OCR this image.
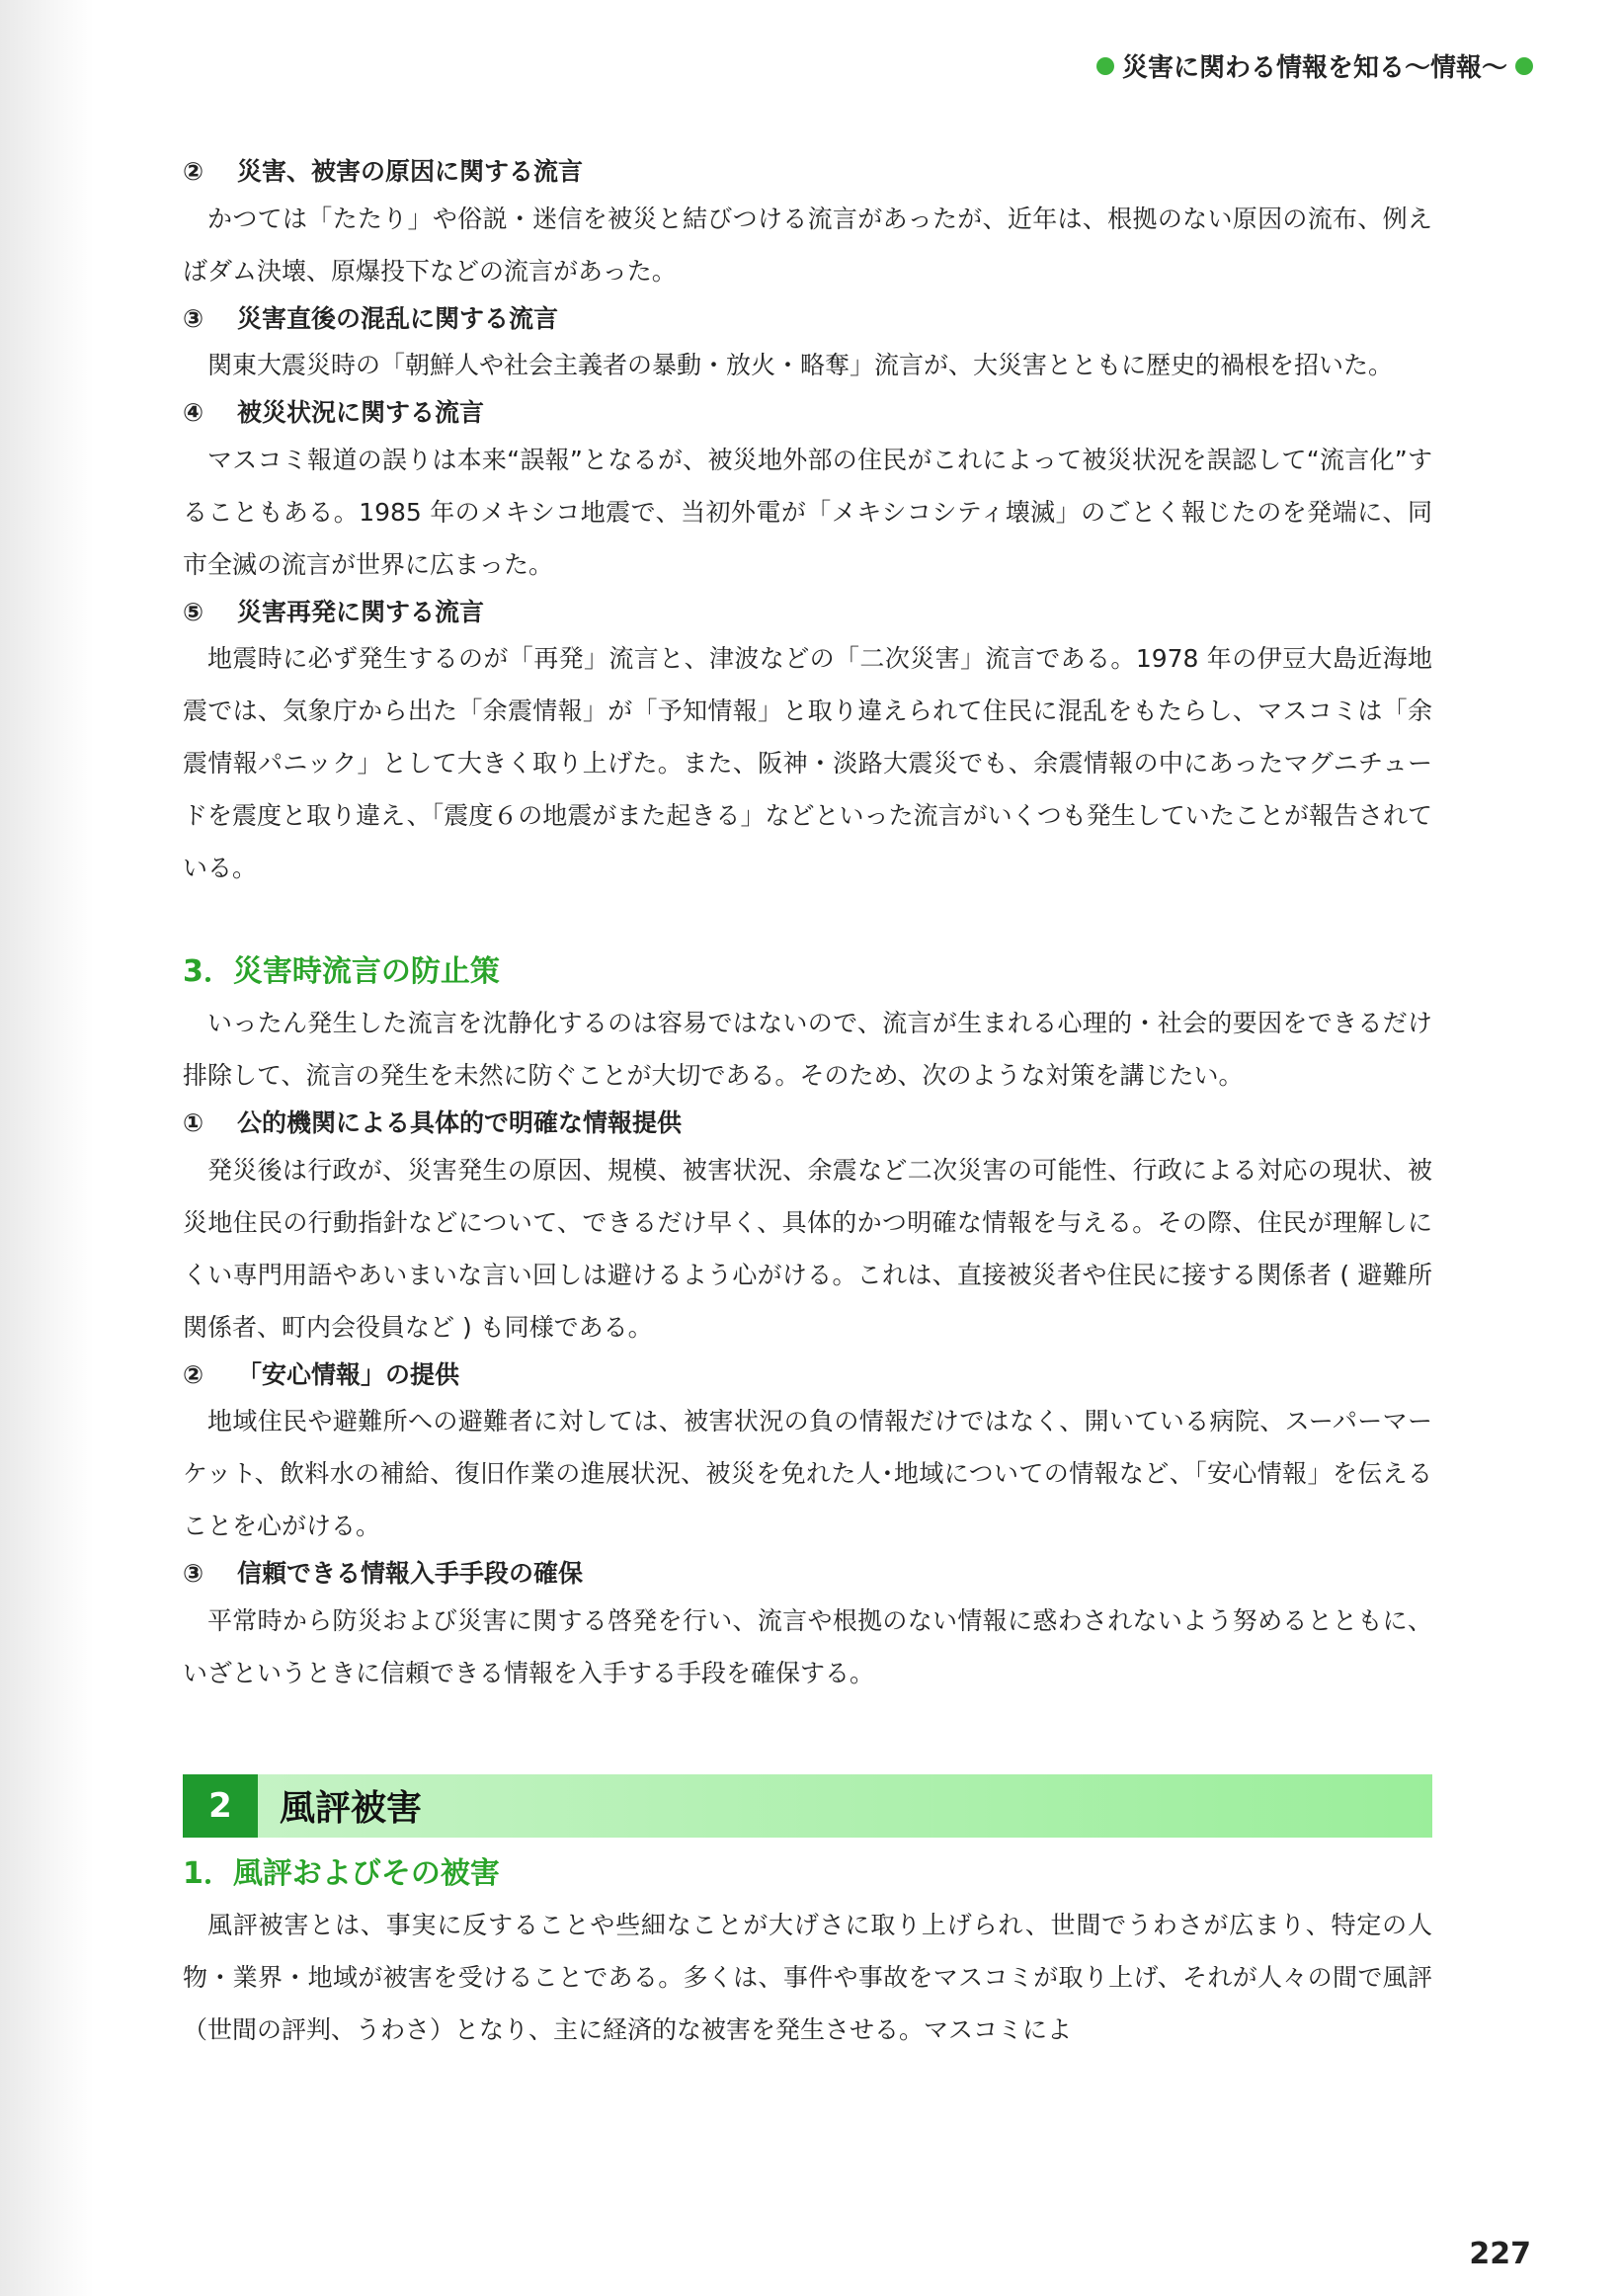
災害に関わる情報を知る〜情報〜
② 災害、被害の原因に関する流言

かつては「たたり」や俗説・迷信を被災と結びつける流言があったが、近年は、根拠のない原因の流布、例えばダム決壊、原爆投下などの流言があった。

③ 災害直後の混乱に関する流言

関東大震災時の「朝鮮人や社会主義者の暴動・放火・略奪」流言が、大災害とともに歴史的禍根を招いた。

④ 被災状況に関する流言

マスコミ報道の誤りは本来“誤報”となるが、被災地外部の住民がこれによって被災状況を誤認して“流言化”することもある。1985 年のメキシコ地震で、当初外電が「メキシコシティ壊滅」のごとく報じたのを発端に、同市全滅の流言が世界に広まった。

⑤ 災害再発に関する流言

地震時に必ず発生するのが「再発」流言と、津波などの「二次災害」流言である。1978 年の伊豆大島近海地震では、気象庁から出た「余震情報」が「予知情報」と取り違えられて住民に混乱をもたらし、マスコミは「余震情報パニック」として大きく取り上げた。また、阪神・淡路大震災でも、余震情報の中にあったマグニチュードを震度と取り違え、「震度６の地震がまた起きる」などといった流言がいくつも発生していたことが報告されている。

3．災害時流言の防止策

いったん発生した流言を沈静化するのは容易ではないので、流言が生まれる心理的・社会的要因をできるだけ排除して、流言の発生を未然に防ぐことが大切である。そのため、次のような対策を講じたい。

① 公的機関による具体的で明確な情報提供

発災後は行政が、災害発生の原因、規模、被害状況、余震など二次災害の可能性、行政による対応の現状、被災地住民の行動指針などについて、できるだけ早く、具体的かつ明確な情報を与える。その際、住民が理解しにくい専門用語やあいまいな言い回しは避けるよう心がける。これは、直接被災者や住民に接する関係者 ( 避難所関係者、町内会役員など ) も同様である。

② 「安心情報」の提供

地域住民や避難所への避難者に対しては、被害状況の負の情報だけではなく、開いている病院、スーパーマーケット、飲料水の補給、復旧作業の進展状況、被災を免れた人･地域についての情報など、「安心情報」を伝えることを心がける。

③ 信頼できる情報入手手段の確保

平常時から防災および災害に関する啓発を行い、流言や根拠のない情報に惑わされないよう努めるとともに、いざというときに信頼できる情報を入手する手段を確保する。

2	風評被害
1．風評およびその被害

風評被害とは、事実に反することや些細なことが大げさに取り上げられ、世間でうわさが広まり、特定の人物・業界・地域が被害を受けることである。多くは、事件や事故をマスコミが取り上げ、それが人々の間で風評（世間の評判、うわさ）となり、主に経済的な被害を発生させる。マスコミによ

227
